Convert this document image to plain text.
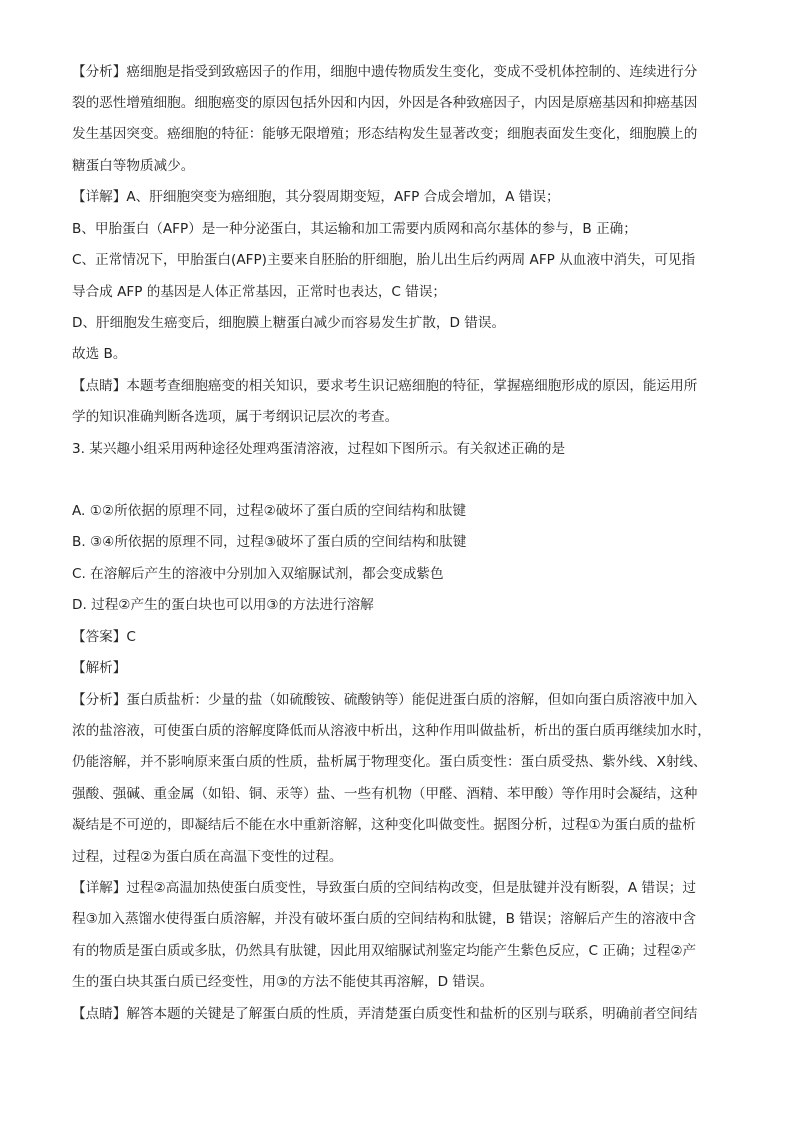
【分析】癌细胞是指受到致癌因子的作用，细胞中遗传物质发生变化，变成不受机体控制的、连续进行分
裂的恶性增殖细胞。细胞癌变的原因包括外因和内因，外因是各种致癌因子，内因是原癌基因和抑癌基因
发生基因突变。癌细胞的特征：能够无限增殖；形态结构发生显著改变；细胞表面发生变化，细胞膜上的
糖蛋白等物质减少。
【详解】A、肝细胞突变为癌细胞，其分裂周期变短，AFP 合成会增加，A 错误；
B、甲胎蛋白（AFP）是一种分泌蛋白，其运输和加工需要内质网和高尔基体的参与，B 正确；
C、正常情况下，甲胎蛋白(AFP)主要来自胚胎的肝细胞，胎儿出生后约两周 AFP 从血液中消失，可见指
导合成 AFP 的基因是人体正常基因，正常时也表达，C 错误；
D、肝细胞发生癌变后，细胞膜上糖蛋白减少而容易发生扩散，D 错误。
故选 B。
【点睛】本题考查细胞癌变的相关知识，要求考生识记癌细胞的特征，掌握癌细胞形成的原因，能运用所
学的知识准确判断各选项，属于考纲识记层次的考查。
3. 某兴趣小组采用两种途径处理鸡蛋清溶液，过程如下图所示。有关叙述正确的是
A. ①②所依据的原理不同，过程②破坏了蛋白质的空间结构和肽键
B. ③④所依据的原理不同，过程③破坏了蛋白质的空间结构和肽键
C. 在溶解后产生的溶液中分别加入双缩脲试剂，都会变成紫色
D. 过程②产生的蛋白块也可以用③的方法进行溶解
【答案】C
【解析】
【分析】蛋白质盐析：少量的盐（如硫酸铵、硫酸钠等）能促进蛋白质的溶解，但如向蛋白质溶液中加入
浓的盐溶液，可使蛋白质的溶解度降低而从溶液中析出，这种作用叫做盐析，析出的蛋白质再继续加水时，
仍能溶解，并不影响原来蛋白质的性质，盐析属于物理变化。蛋白质变性：蛋白质受热、紫外线、X射线、
强酸、强碱、重金属（如铅、铜、汞等）盐、一些有机物（甲醛、酒精、苯甲酸）等作用时会凝结，这种
凝结是不可逆的，即凝结后不能在水中重新溶解，这种变化叫做变性。据图分析，过程①为蛋白质的盐析
过程，过程②为蛋白质在高温下变性的过程。
【详解】过程②高温加热使蛋白质变性，导致蛋白质的空间结构改变，但是肽键并没有断裂，A 错误；过
程③加入蒸馏水使得蛋白质溶解，并没有破坏蛋白质的空间结构和肽键，B 错误；溶解后产生的溶液中含
有的物质是蛋白质或多肽，仍然具有肽键，因此用双缩脲试剂鉴定均能产生紫色反应，C 正确；过程②产
生的蛋白块其蛋白质已经变性，用③的方法不能使其再溶解，D 错误。
【点睛】解答本题的关键是了解蛋白质的性质，弄清楚蛋白质变性和盐析的区别与联系，明确前者空间结
